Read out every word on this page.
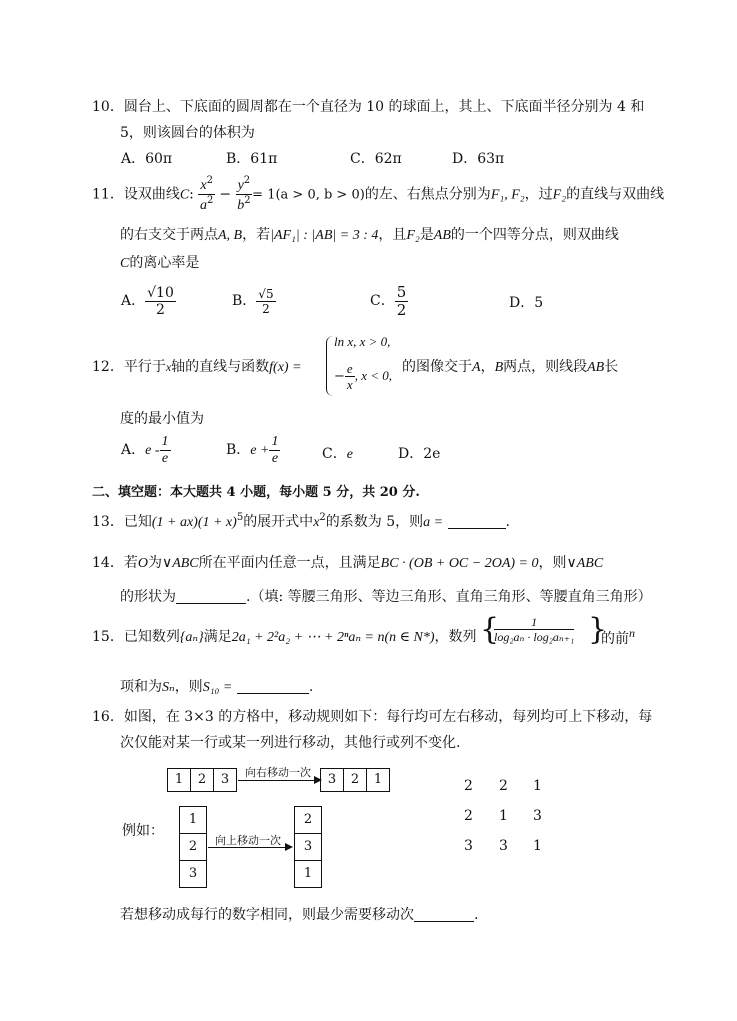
10．圆台上、下底面的圆周都在一个直径为 10 的球面上，其上、下底面半径分别为 4 和
5，则该圆台的体积为
A．60π	B．61π	C．62π	D．63π
11．设双曲线C: $\frac{x^2}{a^2} - \frac{y^2}{b^2} = 1(a > 0$, b > 0)的左、右焦点分别为F₁, F₂，过F₂的直线与双曲线
的右支交于两点A, B，若|AF₁| : |AB| = 3 : 4，且F₂是AB的一个四等分点，则双曲线
C的离心率是
A． $\frac{√10}{2}$	B． $\frac{√5}{2}$	C． $\frac{5}{2}$	D．5
12．平行于x轴的直线与函数f(x) =
ln x, x > 0,
− $\frac{e}{x}$ , x < 0,
的图像交于A，B两点，则线段AB长
度的最小值为
A．e - $\frac{1}{e}$	B．$e + \frac{1}{e}$	C．e	D．2e
二、填空题：本大题共 4 小题，每小题 5 分，共 20 分.
13．已知$(1 + ax)(1 + x)^5$的展开式中$x^2$的系数为 5，则a =	.
14．若O为∨ABC所在平面内任意一点，且满足BC · (OB + OC − 2OA) = 0，则∨ABC
的形状为	.（填: 等腰三角形、等边三角形、直角三角形、等腰直角三角形）
15．已知数列{aₙ}满足2a₁ + 2²a₂ + ⋯ + 2ⁿaₙ = n(n ∈ N*)，数列 {
$\frac{1}{\text{log₂aₙ · log₂aₙ₊₁}}$ }
的前n
项和为Sₙ，则S₁₀ =	.
16．如图，在 3×3 的方格中，移动规则如下：每行均可左右移动，每列均可上下移动，每
次仅能对某一行或某一列进行移动，其他行或列不变化.
1	2	3	向右移动一次	3	2	1
例如：
1
2
3
向上移动一次
2
3
1
2 2 1
2 1 3
3 3 1
若想移动成每行的数字相同，则最少需要移动次	.
